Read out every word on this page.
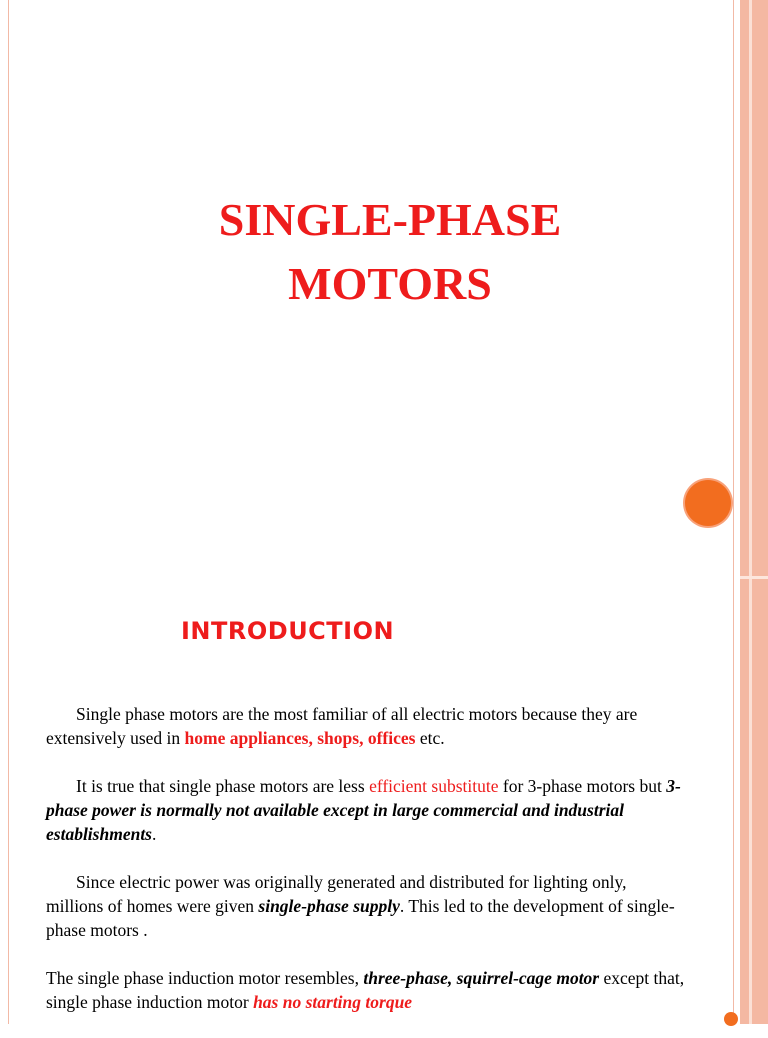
SINGLE-PHASE
MOTORS
INTRODUCTION

Single phase motors are the most familiar of all electric motors because they are extensively used in home appliances, shops, offices etc.

It is true that single phase motors are less efficient substitute for 3-phase motors but 3-phase power is normally not available except in large commercial and industrial establishments.

Since electric power was originally generated and distributed for lighting only, millions of homes were given single-phase supply. This led to the development of single-phase motors .

The single phase induction motor resembles, three-phase, squirrel-cage motor except that, single phase induction motor has no starting torque
